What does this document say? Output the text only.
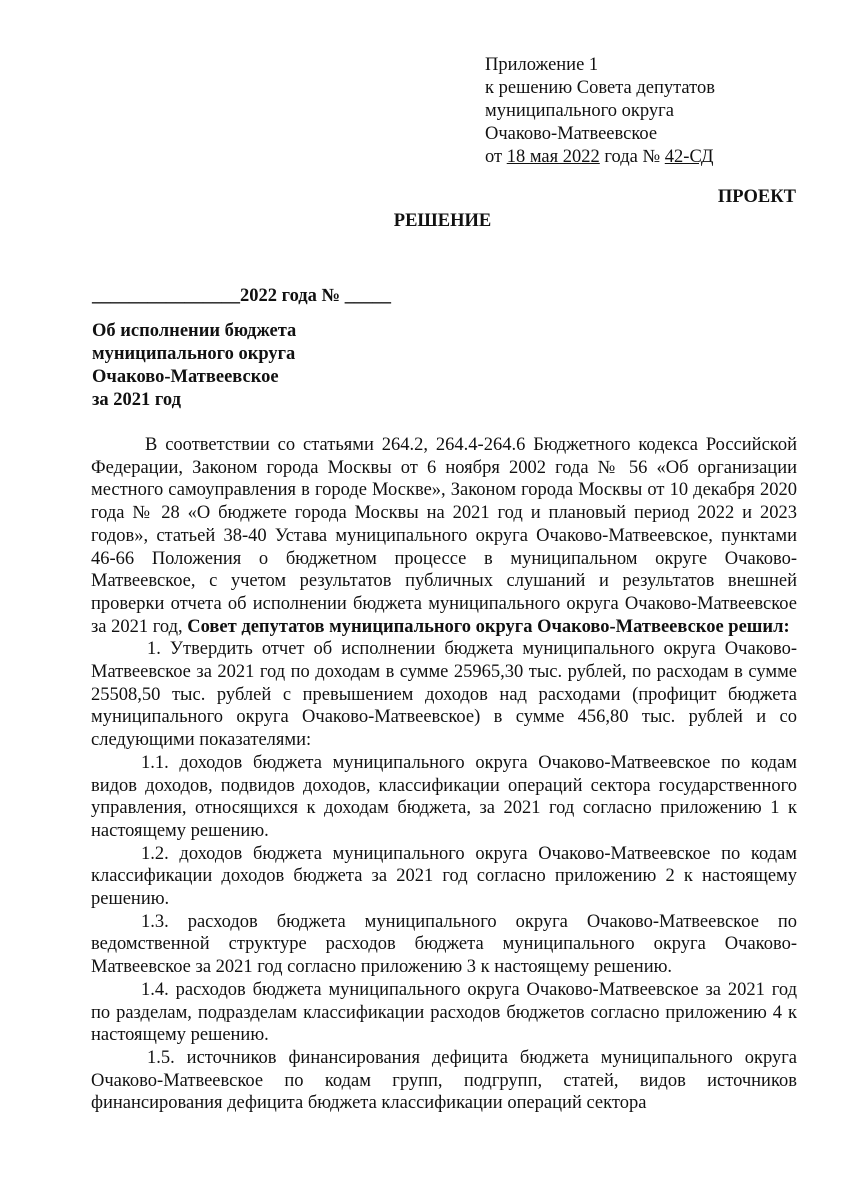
Приложение 1
к решению Совета депутатов
муниципального округа
Очаково-Матвеевское
от 18 мая 2022 года № 42-СД
ПРОЕКТ
РЕШЕНИЕ
________________2022 года № _____
Об исполнении бюджета
муниципального округа
Очаково-Матвеевское
за 2021 год

В соответствии со статьями 264.2, 264.4-264.6 Бюджетного кодекса Российской Федерации, Законом города Москвы от 6 ноября 2002 года № 56 «Об организации местного самоуправления в городе Москве», Законом города Москвы от 10 декабря 2020 года № 28 «О бюджете города Москвы на 2021 год и плановый период 2022 и 2023 годов», статьей 38-40 Устава муниципального округа Очаково-Матвеевское, пунктами 46-66 Положения о бюджетном процессе в муниципальном округе Очаково-Матвеевское, с учетом результатов публичных слушаний и результатов внешней проверки отчета об исполнении бюджета муниципального округа Очаково-Матвеевское за 2021 год, Совет депутатов муниципального округа Очаково-Матвеевское решил:

1. Утвердить отчет об исполнении бюджета муниципального округа Очаково-Матвеевское за 2021 год по доходам в сумме 25965,30 тыс. рублей, по расходам в сумме 25508,50 тыс. рублей с превышением доходов над расходами (профицит бюджета муниципального округа Очаково-Матвеевское) в сумме 456,80 тыс. рублей и со следующими показателями:

1.1. доходов бюджета муниципального округа Очаково-Матвеевское по кодам видов доходов, подвидов доходов, классификации операций сектора государственного управления, относящихся к доходам бюджета, за 2021 год согласно приложению 1 к настоящему решению.

1.2. доходов бюджета муниципального округа Очаково-Матвеевское по кодам классификации доходов бюджета за 2021 год согласно приложению 2 к настоящему решению.

1.3. расходов бюджета муниципального округа Очаково-Матвеевское по ведомственной структуре расходов бюджета муниципального округа Очаково-Матвеевское за 2021 год согласно приложению 3 к настоящему решению.

1.4. расходов бюджета муниципального округа Очаково-Матвеевское за 2021 год по разделам, подразделам классификации расходов бюджетов согласно приложению 4 к настоящему решению.

1.5. источников финансирования дефицита бюджета муниципального округа Очаково-Матвеевское по кодам групп, подгрупп, статей, видов источников финансирования дефицита бюджета классификации операций сектора
